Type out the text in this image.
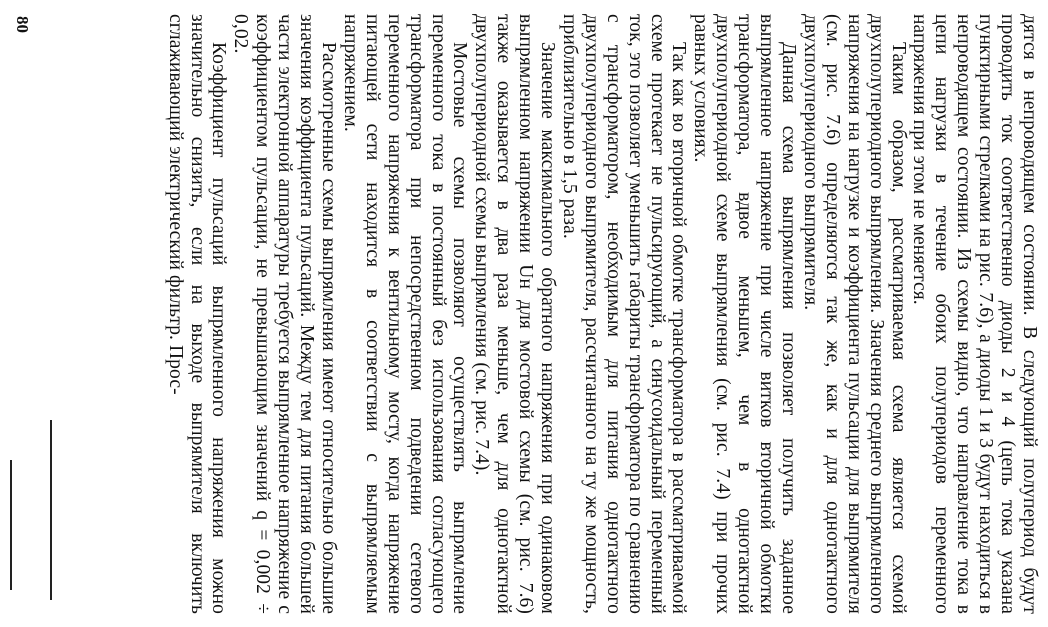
дятся в непроводящем состоянии. В следующий полупериод будут проводить ток соответственно диоды 2 и 4 (цепь тока указана пунктирными стрелками на рис. 7.6), а диоды 1 и 3 будут находиться в непроводящем состоянии. Из схемы видно, что направление тока в цепи нагрузки в течение обоих полупериодов переменного напряжения при этом не меняется.

Таким образом, рассматриваемая схема является схемой двухполупериодного выпрямления. Значения среднего выпрямленного напряжения на нагрузке и коэффициента пульсации для выпрямителя (см. рис. 7.6) определяются так же, как и для однотактного двухполупериодного выпрямителя.

Данная схема выпрямления позволяет получить заданное выпрямленное напряжение при числе витков вторичной обмотки трансформатора, вдвое меньшем, чем в однотактной двухполупериодной схеме выпрямления (см. рис. 7.4) при прочих равных условиях.

Так как во вторичной обмотке трансформатора в рассматриваемой схеме протекает не пульсирующий, а синусоидальный переменный ток, это позволяет уменьшить габариты трансформатора по сравнению с трансформатором, необходимым для питания однотактного двухполупериодного выпрямителя, рассчитанного на ту же мощность, приблизительно в 1,5 раза.

Значение максимального обратного напряжения при одинаковом выпрямленном напряжении Uн для мостовой схемы (см. рис. 7.6) также оказывается в два раза меньше, чем для однотактной двухполупериодной схемы выпрямления (см. рис. 7.4).

Мостовые схемы позволяют осуществлять выпрямление переменного тока в постоянный без использования согласующего трансформатора при непосредственном подведении сетевого переменного напряжения к вентильному мосту, когда напряжение питающей сети находится в соответствии с выпрямляемым напряжением.

Рассмотренные схемы выпрямления имеют относительно большие значения коэффициента пульсаций. Между тем для питания большей части электронной аппаратуры требуется выпрямленное напряжение с коэффициентом пульсации, не превышающим значений q = 0,002 ÷ 0,02.

Коэффициент пульсаций выпрямленного напряжения можно значительно снизить, если на выходе выпрямителя включить сглаживающий электрический фильтр. Прос-

80
